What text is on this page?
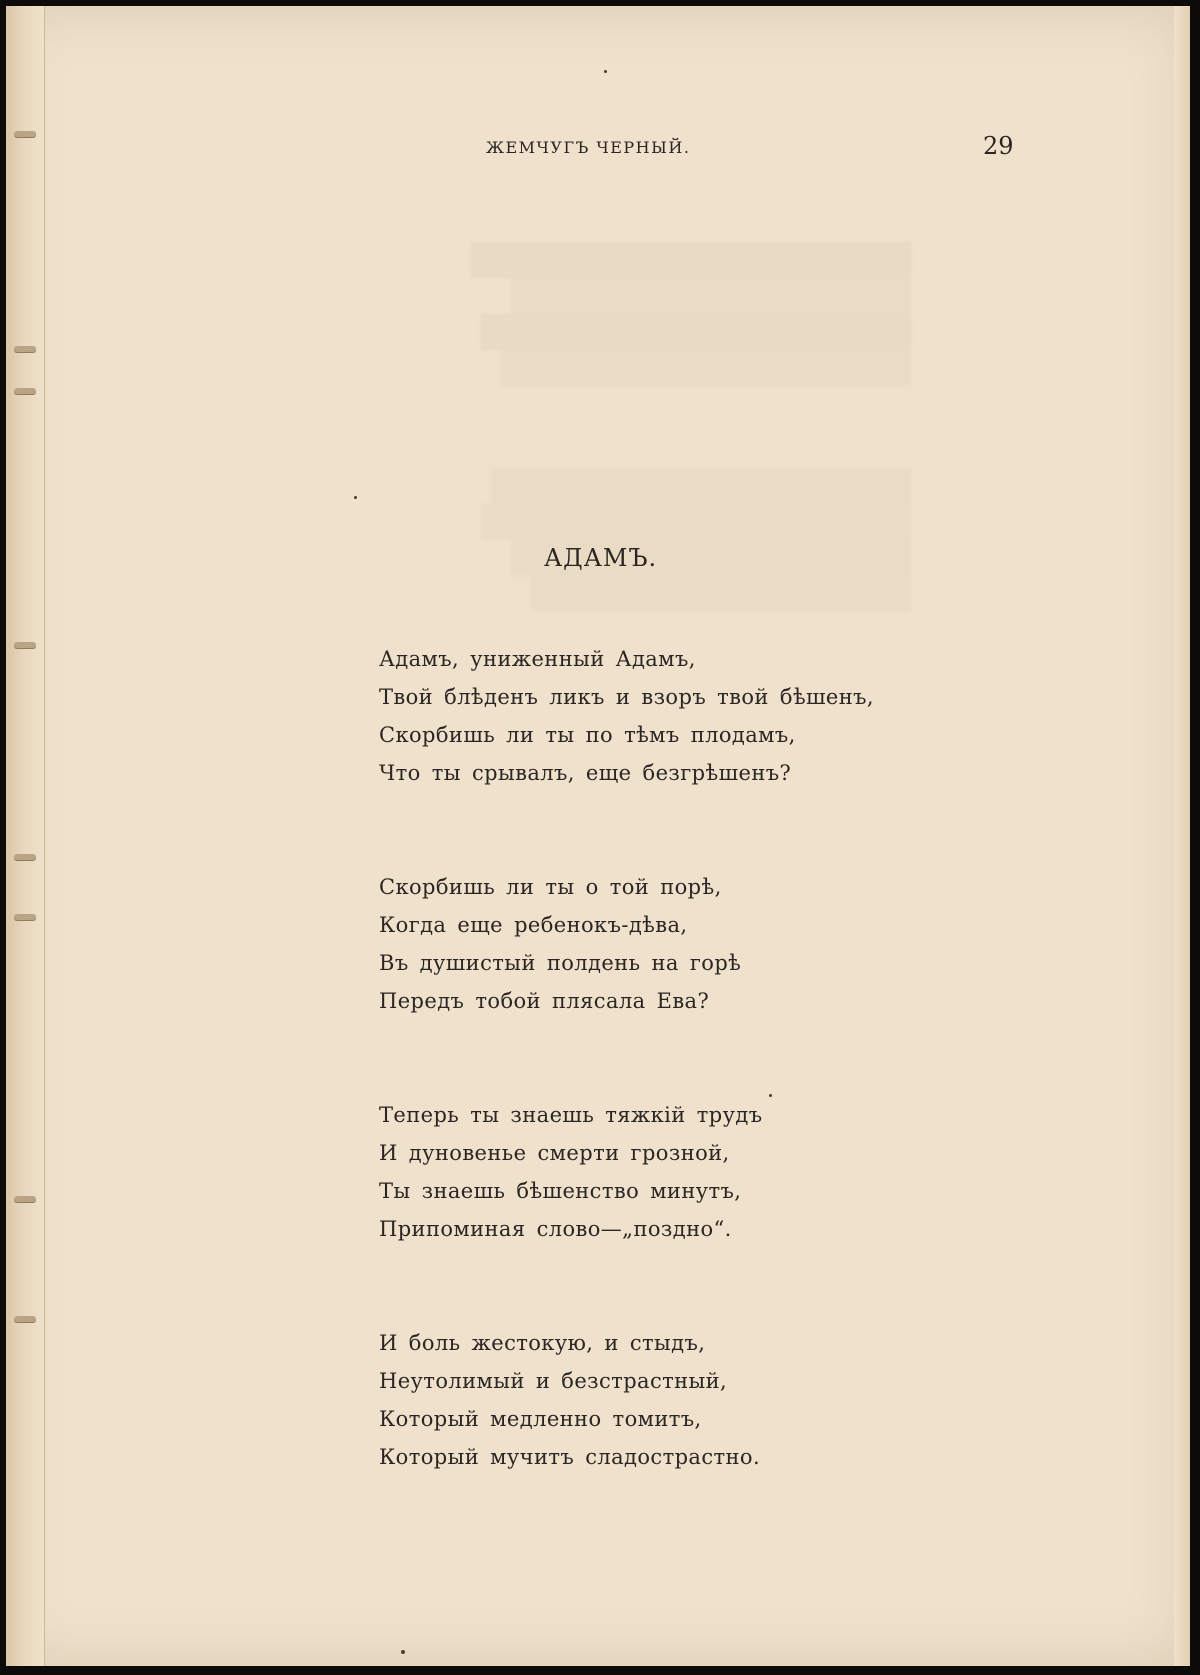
ЖЕМЧУГЪ ЧЕРНЫЙ.	29
АДАМЪ.
Адамъ, униженный Адамъ,
Твой блѣденъ ликъ и взоръ твой бѣшенъ,
Скорбишь ли ты по тѣмъ плодамъ,
Что ты срывалъ, еще безгрѣшенъ?
Скорбишь ли ты о той порѣ,
Когда еще ребенокъ-дѣва,
Въ душистый полдень на горѣ
Передъ тобой плясала Ева?
Теперь ты знаешь тяжкій трудъ
И дуновенье смерти грозной,
Ты знаешь бѣшенство минутъ,
Припоминая слово—„поздно“.
И боль жестокую, и стыдъ,
Неутолимый и безстрастный,
Который медленно томитъ,
Который мучитъ сладострастно.
